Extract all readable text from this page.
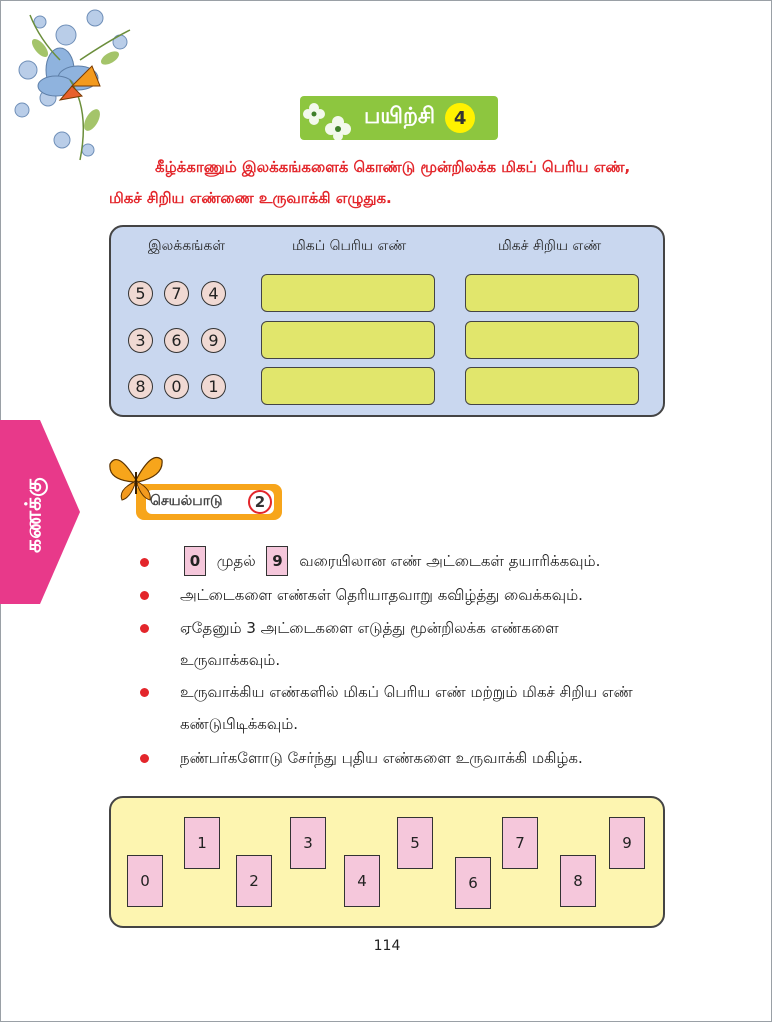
பயிற்சி	4
கீழ்க்காணும் இலக்கங்களைக் கொண்டு மூன்றிலக்க மிகப் பெரிய எண்,
மிகச் சிறிய எண்ணை உருவாக்கி எழுதுக.
இலக்கங்கள்	மிகப் பெரிய எண்	மிகச் சிறிய எண்
5	7	4
3	6	9
8	0	1
கணக்கு	செயல்பாடு	2
0 முதல் 9 வரையிலான எண் அட்டைகள் தயாரிக்கவும்.
அட்டைகளை எண்கள் தெரியாதவாறு கவிழ்த்து வைக்கவும்.
ஏதேனும் 3 அட்டைகளை எடுத்து மூன்றிலக்க எண்களை
உருவாக்கவும்.
உருவாக்கிய எண்களில் மிகப் பெரிய எண் மற்றும் மிகச் சிறிய எண்
கண்டுபிடிக்கவும்.
நண்பர்களோடு சேர்ந்து புதிய எண்களை உருவாக்கி மகிழ்க.
0
1
2
3
4
5
6
7
8
9
114
